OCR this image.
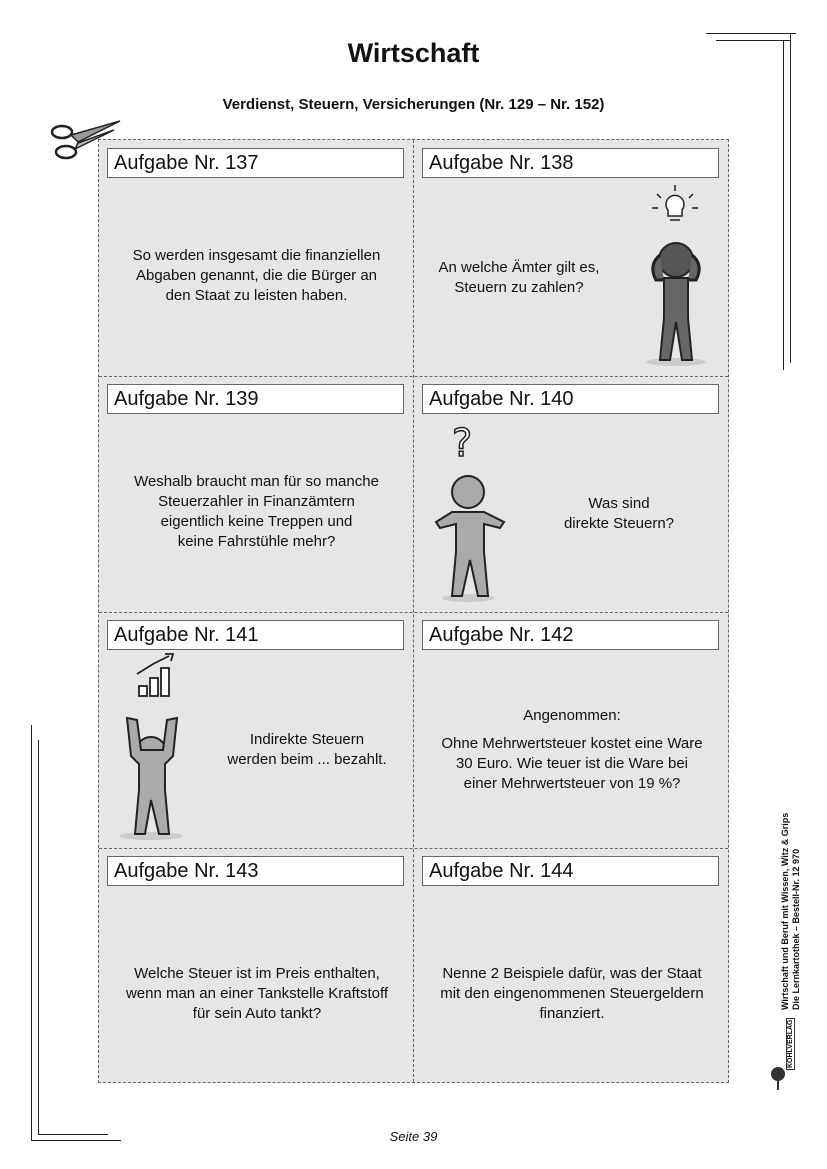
Wirtschaft
Verdienst, Steuern, Versicherungen (Nr. 129 – Nr. 152)
Aufgabe Nr. 137
So werden insgesamt die finanziellen
Abgaben genannt, die die Bürger an
den Staat zu leisten haben.
Aufgabe Nr. 138
An welche Ämter gilt es,
Steuern zu zahlen?
Aufgabe Nr. 139
Weshalb braucht man für so manche
Steuerzahler in Finanzämtern
eigentlich keine Treppen und
keine Fahrstühle mehr?
Aufgabe Nr. 140
?
Was sind
direkte Steuern?
Aufgabe Nr. 141
Indirekte Steuern
werden beim ... bezahlt.
Aufgabe Nr. 142
Angenommen:
Ohne Mehrwertsteuer kostet eine Ware
30 Euro. Wie teuer ist die Ware bei
einer Mehrwertsteuer von 19 %?
Aufgabe Nr. 143
Welche Steuer ist im Preis enthalten,
wenn man an einer Tankstelle Kraftstoff
für sein Auto tankt?
Aufgabe Nr. 144
Nenne 2 Beispiele dafür, was der Staat
mit den eingenommenen Steuergeldern
finanziert.
Wirtschaft und Beruf mit Wissen, Witz & Grips Die Lernkartothek – Bestell-Nr. 12 970
KOHLVERLAG
Seite 39
